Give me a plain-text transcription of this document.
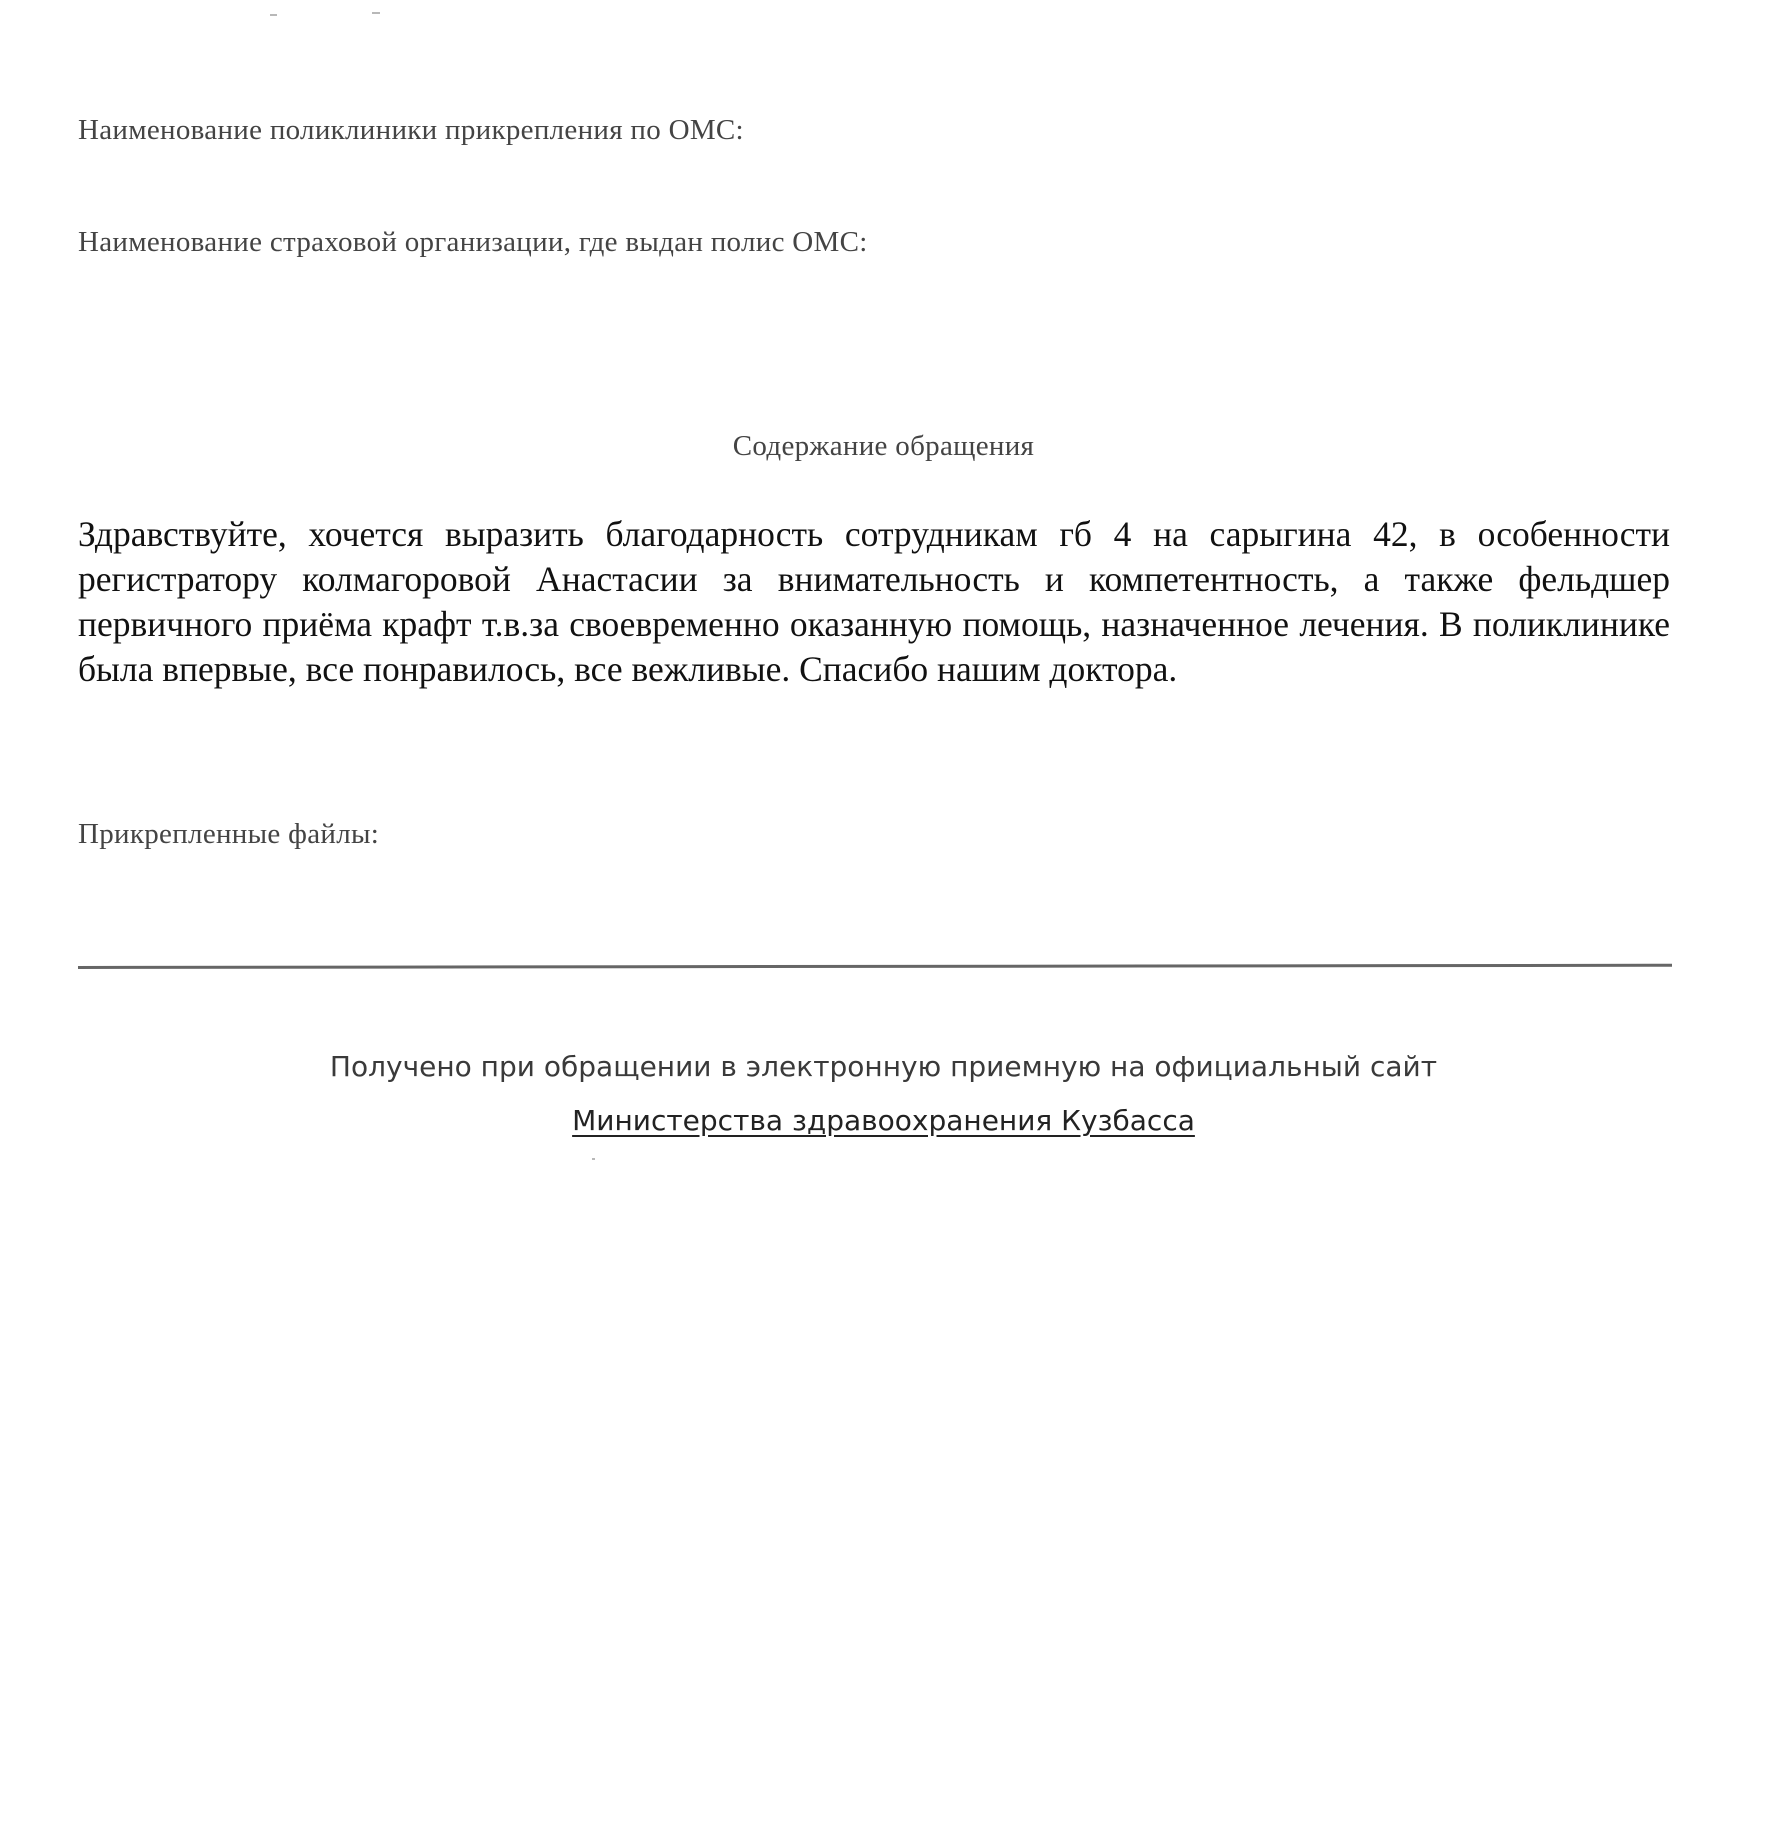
Наименование поликлиники прикрепления по ОМС:
Наименование страховой организации, где выдан полис ОМС:
Содержание обращения
Здравствуйте, хочется выразить благодарность сотрудникам гб 4 на сарыгина 42, в особенности регистратору колмагоровой Анастасии за внимательность и компетентность, а также фельдшер первичного приёма крафт т.в.за своевременно оказанную помощь, назначенное лечения. В поликлинике была впервые, все понравилось, все вежливые. Спасибо нашим доктора.
Прикрепленные файлы:
Получено при обращении в электронную приемную на официальный сайт
Министерства здравоохранения Кузбасса
